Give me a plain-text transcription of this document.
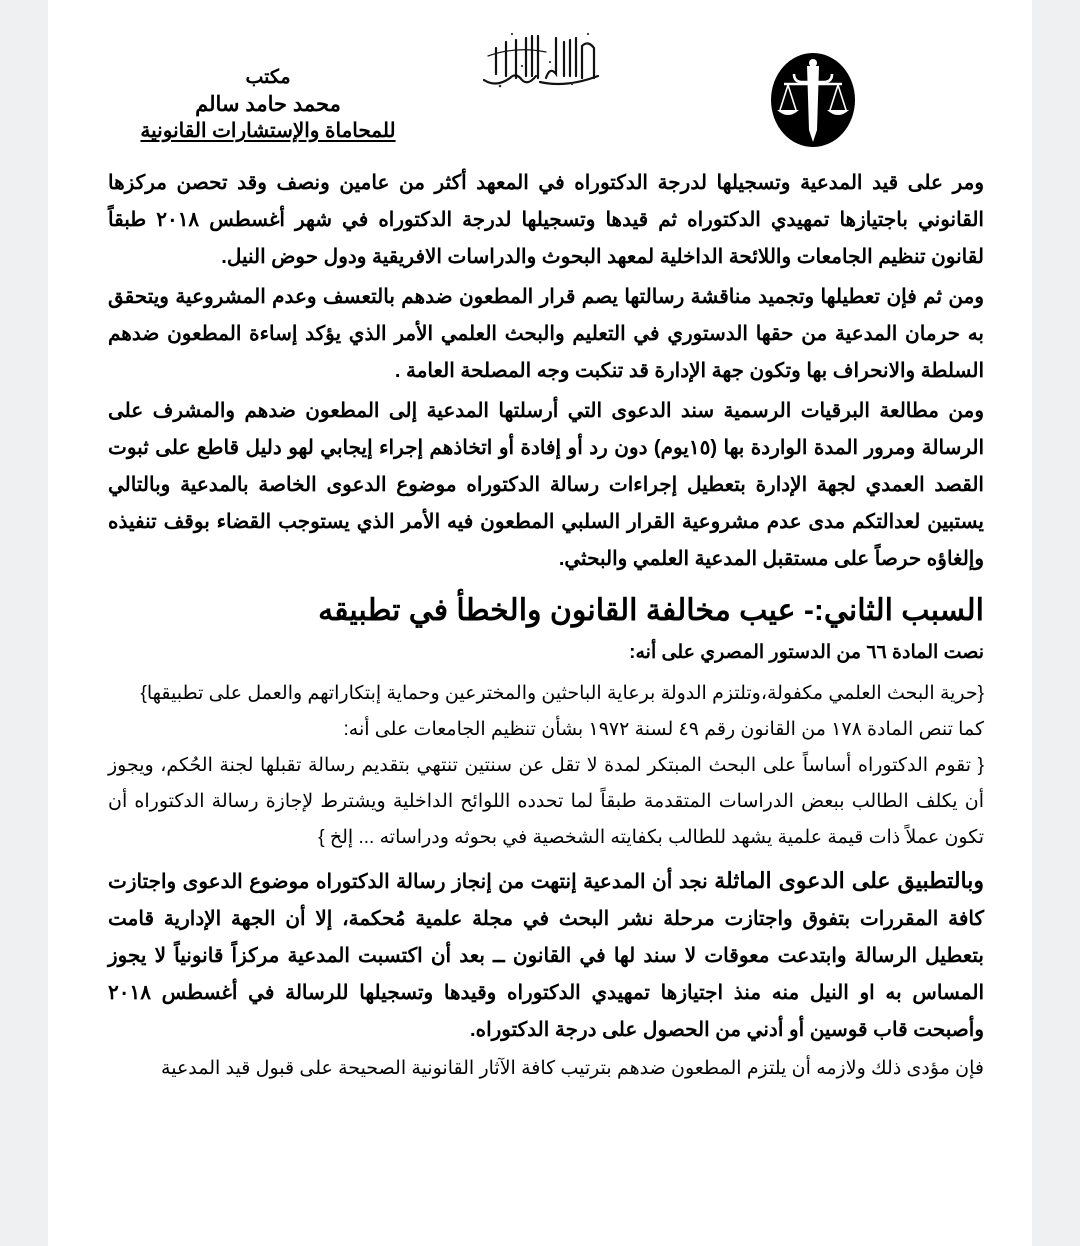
مكتب
محمد حامد سالم
للمحاماة والإستشارات القانونية

ومر على قيد المدعية وتسجيلها لدرجة الدكتوراه في المعهد أكثر من عامين ونصف وقد تحصن مركزها القانوني باجتيازها تمهيدي الدكتوراه ثم قيدها وتسجيلها لدرجة الدكتوراه في شهر أغسطس ٢٠١٨ طبقاً لقانون تنظيم الجامعات واللائحة الداخلية لمعهد البحوث والدراسات الافريقية ودول حوض النيل.

ومن ثم فإن تعطيلها وتجميد مناقشة رسالتها يصم قرار المطعون ضدهم بالتعسف وعدم المشروعية ويتحقق به حرمان المدعية من حقها الدستوري في التعليم والبحث العلمي الأمر الذي يؤكد إساءة المطعون ضدهم السلطة والانحراف بها وتكون جهة الإدارة قد تنكبت وجه المصلحة العامة .

ومن مطالعة البرقيات الرسمية سند الدعوى التي أرسلتها المدعية إلى المطعون ضدهم والمشرف على الرسالة ومرور المدة الواردة بها (١٥يوم) دون رد أو إفادة أو اتخاذهم إجراء إيجابي لهو دليل قاطع على ثبوت القصد العمدي لجهة الإدارة بتعطيل إجراءات رسالة الدكتوراه موضوع الدعوى الخاصة بالمدعية وبالتالي يستبين لعدالتكم مدى عدم مشروعية القرار السلبي المطعون فيه الأمر الذي يستوجب القضاء بوقف تنفيذه وإلغاؤه حرصاً على مستقبل المدعية العلمي والبحثي.

السبب الثاني:- عيب مخالفة القانون والخطأ في تطبيقه

نصت المادة ٦٦ من الدستور المصري على أنه:

{حرية البحث العلمي مكفولة،وتلتزم الدولة برعاية الباحثين والمخترعين وحماية إبتكاراتهم والعمل على تطبيقها}

كما تنص المادة ١٧٨ من القانون رقم ٤٩ لسنة ١٩٧٢ بشأن تنظيم الجامعات على أنه:

{ تقوم الدكتوراه أساساً على البحث المبتكر لمدة لا تقل عن سنتين تنتهي بتقديم رسالة تقبلها لجنة الحُكم، ويجوز أن يكلف الطالب ببعض الدراسات المتقدمة طبقاً لما تحدده اللوائح الداخلية ويشترط لإجازة رسالة الدكتوراه أن تكون عملاً ذات قيمة علمية يشهد للطالب بكفايته الشخصية في بحوثه ودراساته ... إلخ }

وبالتطبيق على الدعوى الماثلة نجد أن المدعية إنتهت من إنجاز رسالة الدكتوراه موضوع الدعوى واجتازت كافة المقررات بتفوق واجتازت مرحلة نشر البحث في مجلة علمية مُحكمة، إلا أن الجهة الإدارية قامت بتعطيل الرسالة وابتدعت معوقات لا سند لها في القانون ــ بعد أن اكتسبت المدعية مركزاً قانونياً لا يجوز المساس به او النيل منه منذ اجتيازها تمهيدي الدكتوراه وقيدها وتسجيلها للرسالة في أغسطس ٢٠١٨ وأصبحت قاب قوسين أو أدني من الحصول على درجة الدكتوراه.

فإن مؤدى ذلك ولازمه أن يلتزم المطعون ضدهم بترتيب كافة الآثار القانونية الصحيحة على قبول قيد المدعية
